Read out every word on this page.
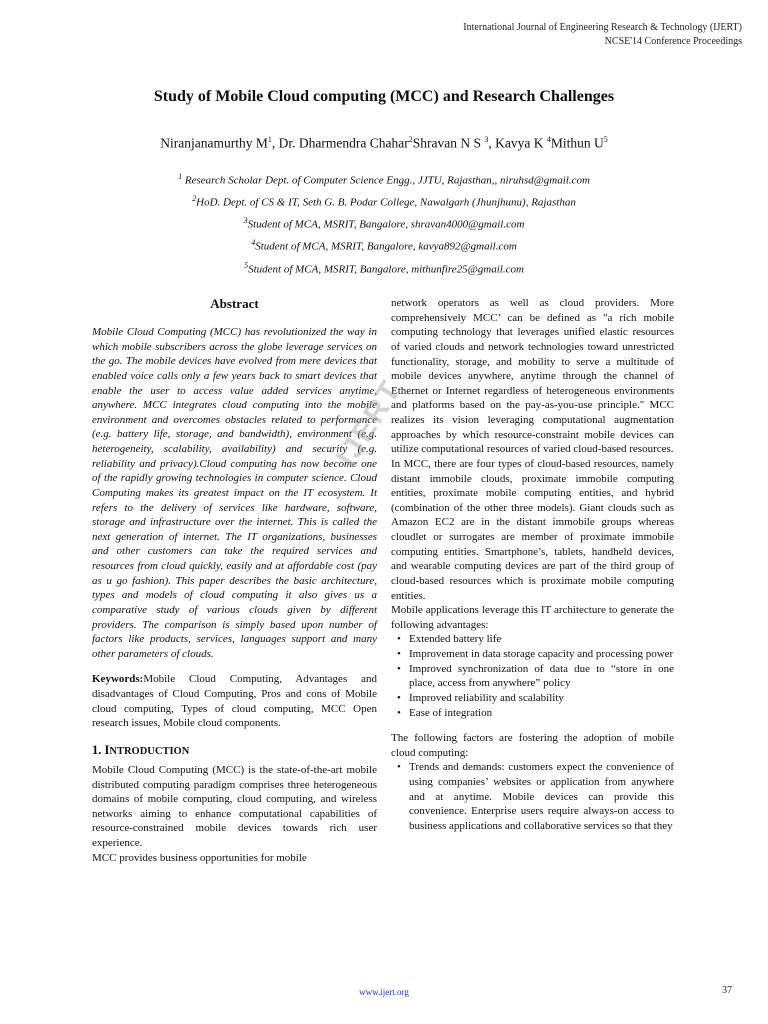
International Journal of Engineering Research & Technology (IJERT)
NCSE'14 Conference Proceedings
Study of Mobile Cloud computing (MCC) and Research Challenges
Niranjanamurthy $M^1$, Dr. Dharmendra Chahar$^2$Shravan N S $^3$, Kavya K $^4$Mithun $U^5$
$^1$ Research Scholar Dept. of Computer Science Engg., JJTU, Rajasthan,, niruhsd@gmail.com
$^2$HoD. Dept. of CS & IT, Seth G. B. Podar College, Nawalgarh (Jhunjhunu), Rajasthan
$^3$Student of MCA, MSRIT, Bangalore, shravan4000@gmail.com
$^4$Student of MCA, MSRIT, Bangalore, kavya892@gmail.com
$^5$Student of MCA, MSRIT, Bangalore, mithunfire25@gmail.com
Abstract

Mobile Cloud Computing (MCC) has revolutionized the way in which mobile subscribers across the globe leverage services on the go. The mobile devices have evolved from mere devices that enabled voice calls only a few years back to smart devices that enable the user to access value added services anytime, anywhere. MCC integrates cloud computing into the mobile environment and overcomes obstacles related to performance (e.g. battery life, storage, and bandwidth), environment (e.g. heterogeneity, scalability, availability) and security (e.g. reliability and privacy).Cloud computing has now become one of the rapidly growing technologies in computer science. Cloud Computing makes its greatest impact on the IT ecosystem. It refers to the delivery of services like hardware, software, storage and infrastructure over the internet. This is called the next generation of internet. The IT organizations, businesses and other customers can take the required services and resources from cloud quickly, easily and at affordable cost (pay as u go fashion). This paper describes the basic architecture, types and models of cloud computing it also gives us a comparative study of various clouds given by different providers. The comparison is simply based upon number of factors like products, services, languages support and many other parameters of clouds.

Keywords:Mobile Cloud Computing, Advantages and disadvantages of Cloud Computing, Pros and cons of Mobile cloud computing, Types of cloud computing, MCC Open research issues, Mobile cloud components.

1. INTRODUCTION

Mobile Cloud Computing (MCC) is the state-of-the-art mobile distributed computing paradigm comprises three heterogeneous domains of mobile computing, cloud computing, and wireless networks aiming to enhance computational capabilities of resource-constrained mobile devices towards rich user experience.

MCC provides business opportunities for mobile

network operators as well as cloud providers. More comprehensively MCC’ can be defined as "a rich mobile computing technology that leverages unified elastic resources of varied clouds and network technologies toward unrestricted functionality, storage, and mobility to serve a multitude of mobile devices anywhere, anytime through the channel of Ethernet or Internet regardless of heterogeneous environments and platforms based on the pay-as-you-use principle." MCC realizes its vision leveraging computational augmentation approaches by which resource-constraint mobile devices can utilize computational resources of varied cloud-based resources.

In MCC, there are four types of cloud-based resources, namely distant immobile clouds, proximate immobile computing entities, proximate mobile computing entities, and hybrid (combination of the other three models). Giant clouds such as Amazon EC2 are in the distant immobile groups whereas cloudlet or surrogates are member of proximate immobile computing entities. Smartphone’s, tablets, handheld devices, and wearable computing devices are part of the third group of cloud-based resources which is proximate mobile computing entities.

Mobile applications leverage this IT architecture to generate the following advantages:

• Extended battery life
• Improvement in data storage capacity and processing power
• Improved synchronization of data due to “store in one place, access from anywhere” policy
• Improved reliability and scalability
• Ease of integration

The following factors are fostering the adoption of mobile cloud computing:

• Trends and demands: customers expect the convenience of using companies’ websites or application from anywhere and at anytime. Mobile devices can provide this convenience. Enterprise users require always-on access to business applications and collaborative services so that they
IJERT
www.ijert.org	37
